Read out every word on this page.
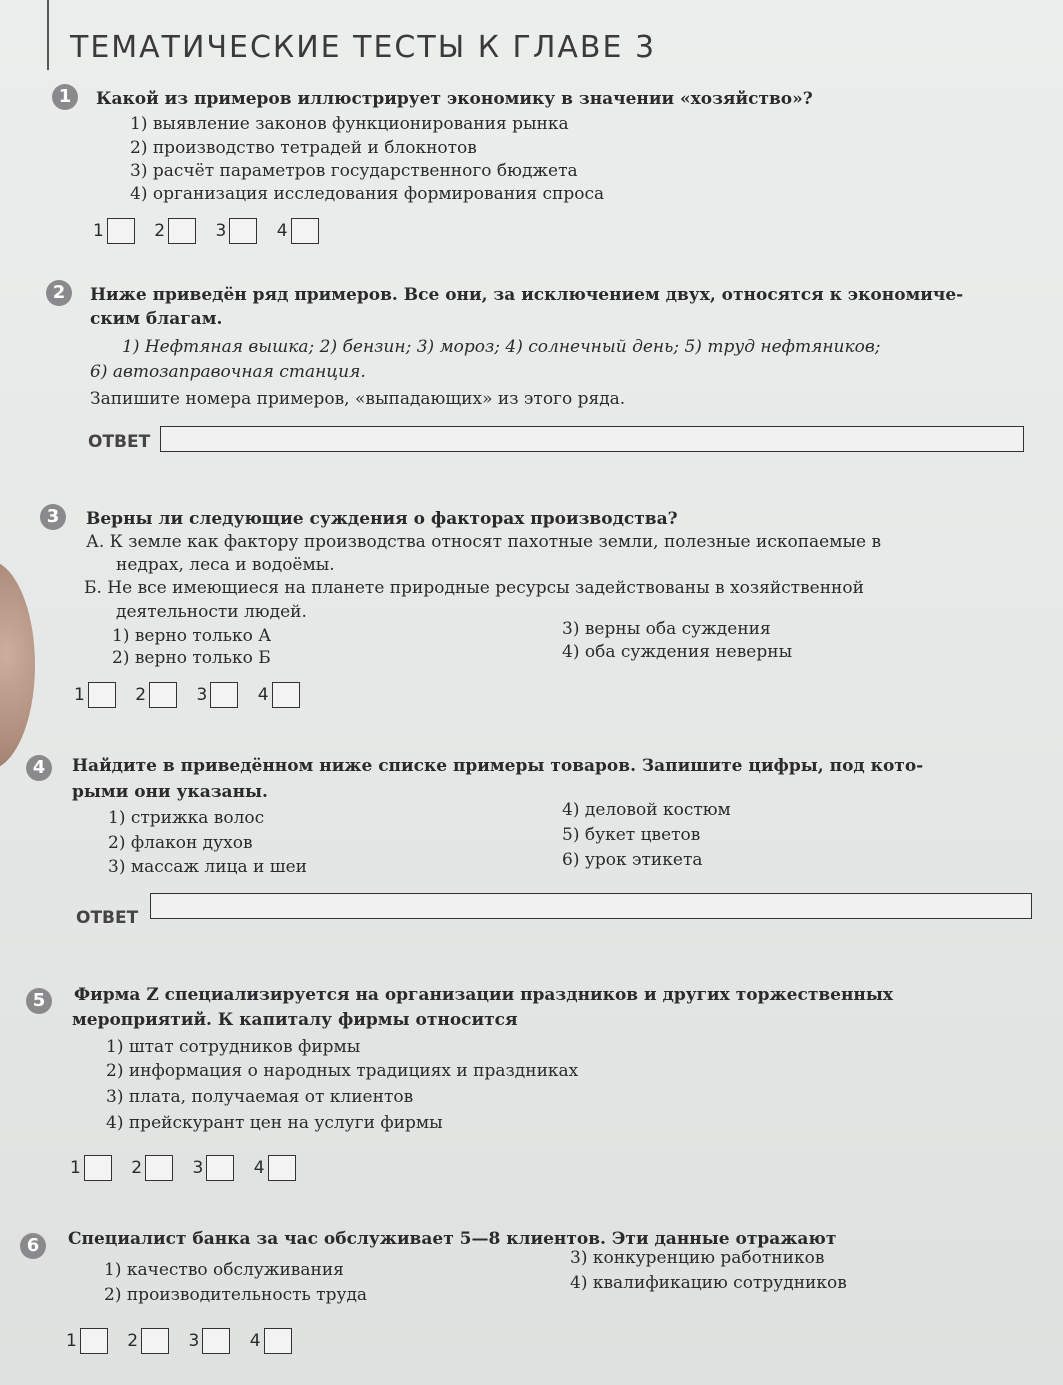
ТЕМАТИЧЕСКИЕ ТЕСТЫ К ГЛАВЕ 3
1	Какой из примеров иллюстрирует экономику в значении «хозяйство»?
1) выявление законов функционирования рынка
2) производство тетрадей и блокнотов
3) расчёт параметров государственного бюджета
4) организация исследования формирования спроса
1	2	3	4
2	Ниже приведён ряд примеров. Все они, за исключением двух, относятся к экономиче-
ским благам.
1) Нефтяная вышка; 2) бензин; 3) мороз; 4) солнечный день; 5) труд нефтяников;
6) автозаправочная станция.
Запишите номера примеров, «выпадающих» из этого ряда.
ОТВЕТ
3	Верны ли следующие суждения о факторах производства?
А. К земле как фактору производства относят пахотные земли, полезные ископаемые в
недрах, леса и водоёмы.
Б. Не все имеющиеся на планете природные ресурсы задействованы в хозяйственной
деятельности людей.
1) верно только А
2) верно только Б
3) верны оба суждения
4) оба суждения неверны
1	2	3	4
4	Найдите в приведённом ниже списке примеры товаров. Запишите цифры, под кото-
рыми они указаны.
1) стрижка волос
2) флакон духов
3) массаж лица и шеи
4) деловой костюм
5) букет цветов
6) урок этикета
ОТВЕТ
5	Фирма Z специализируется на организации праздников и других торжественных
мероприятий. К капиталу фирмы относится
1) штат сотрудников фирмы
2) информация о народных традициях и праздниках
3) плата, получаемая от клиентов
4) прейскурант цен на услуги фирмы
1	2	3	4
6	Специалист банка за час обслуживает 5—8 клиентов. Эти данные отражают
1) качество обслуживания
2) производительность труда
3) конкуренцию работников
4) квалификацию сотрудников
1	2	3	4
